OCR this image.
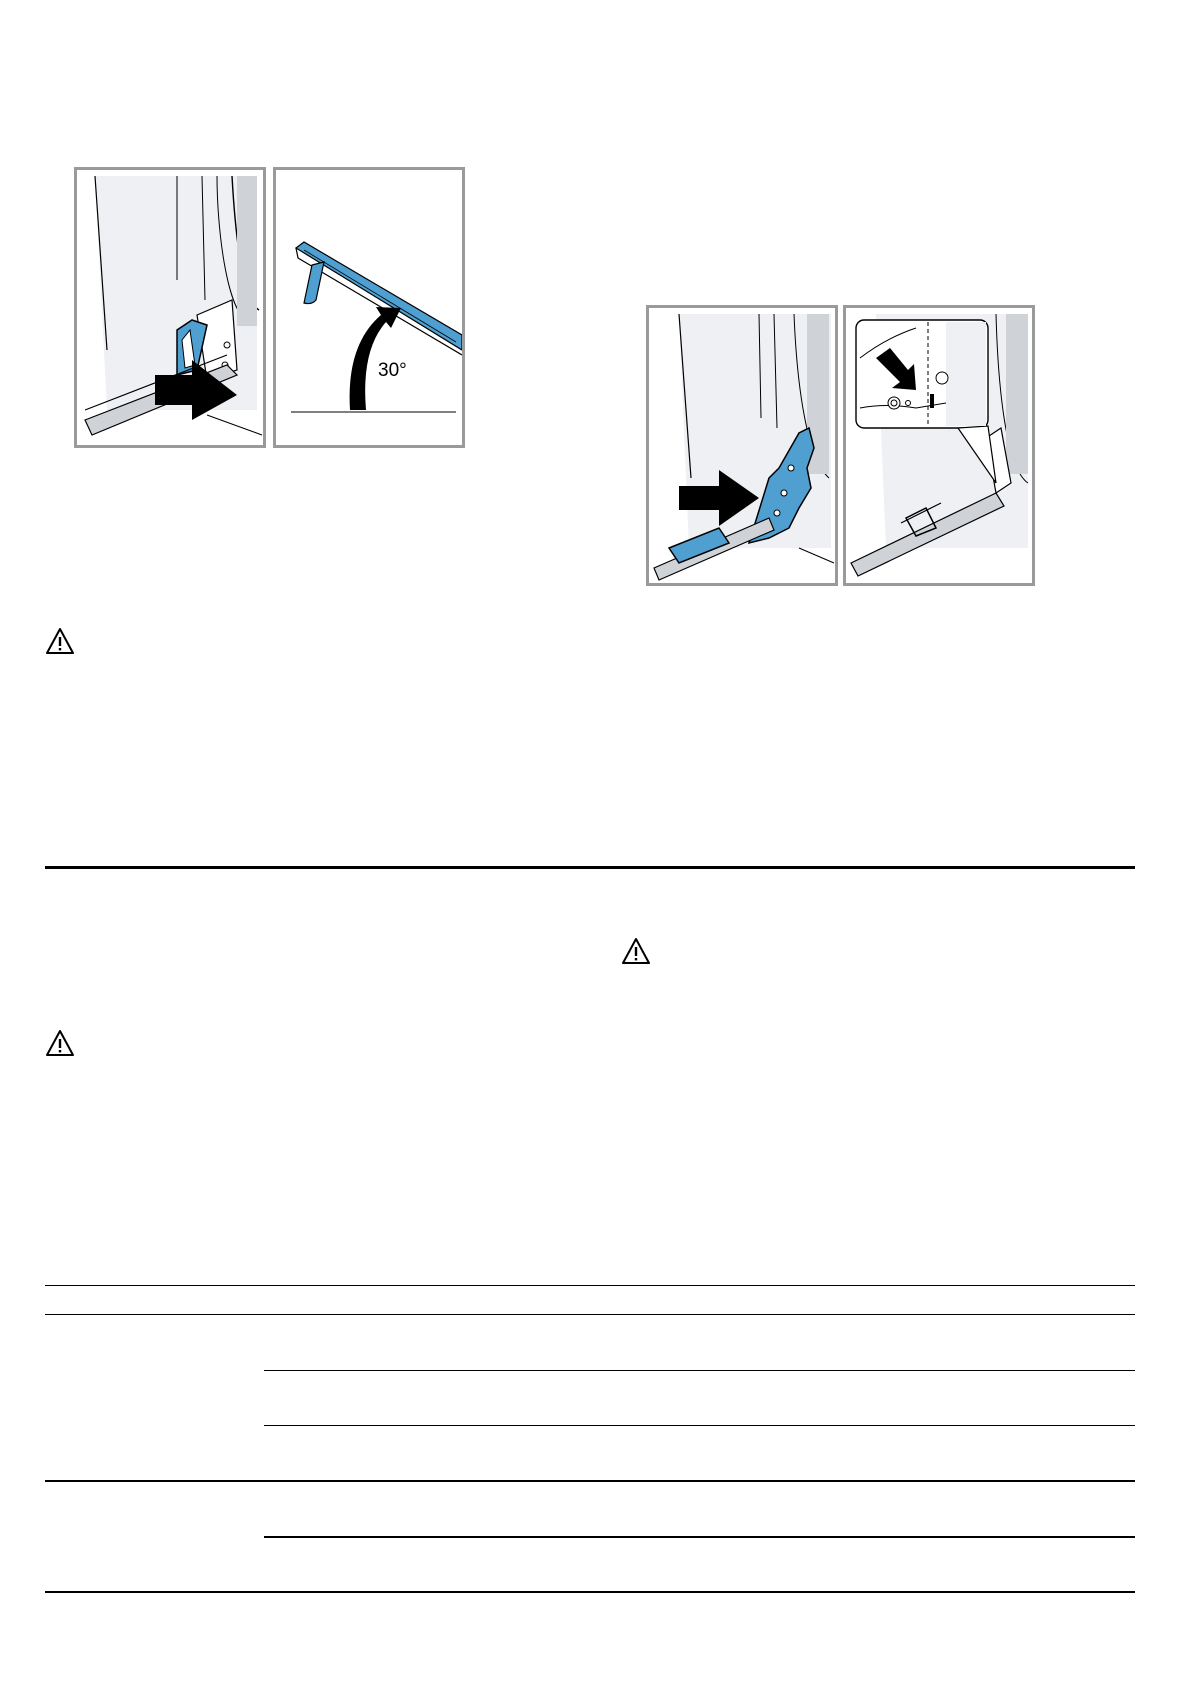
30°
